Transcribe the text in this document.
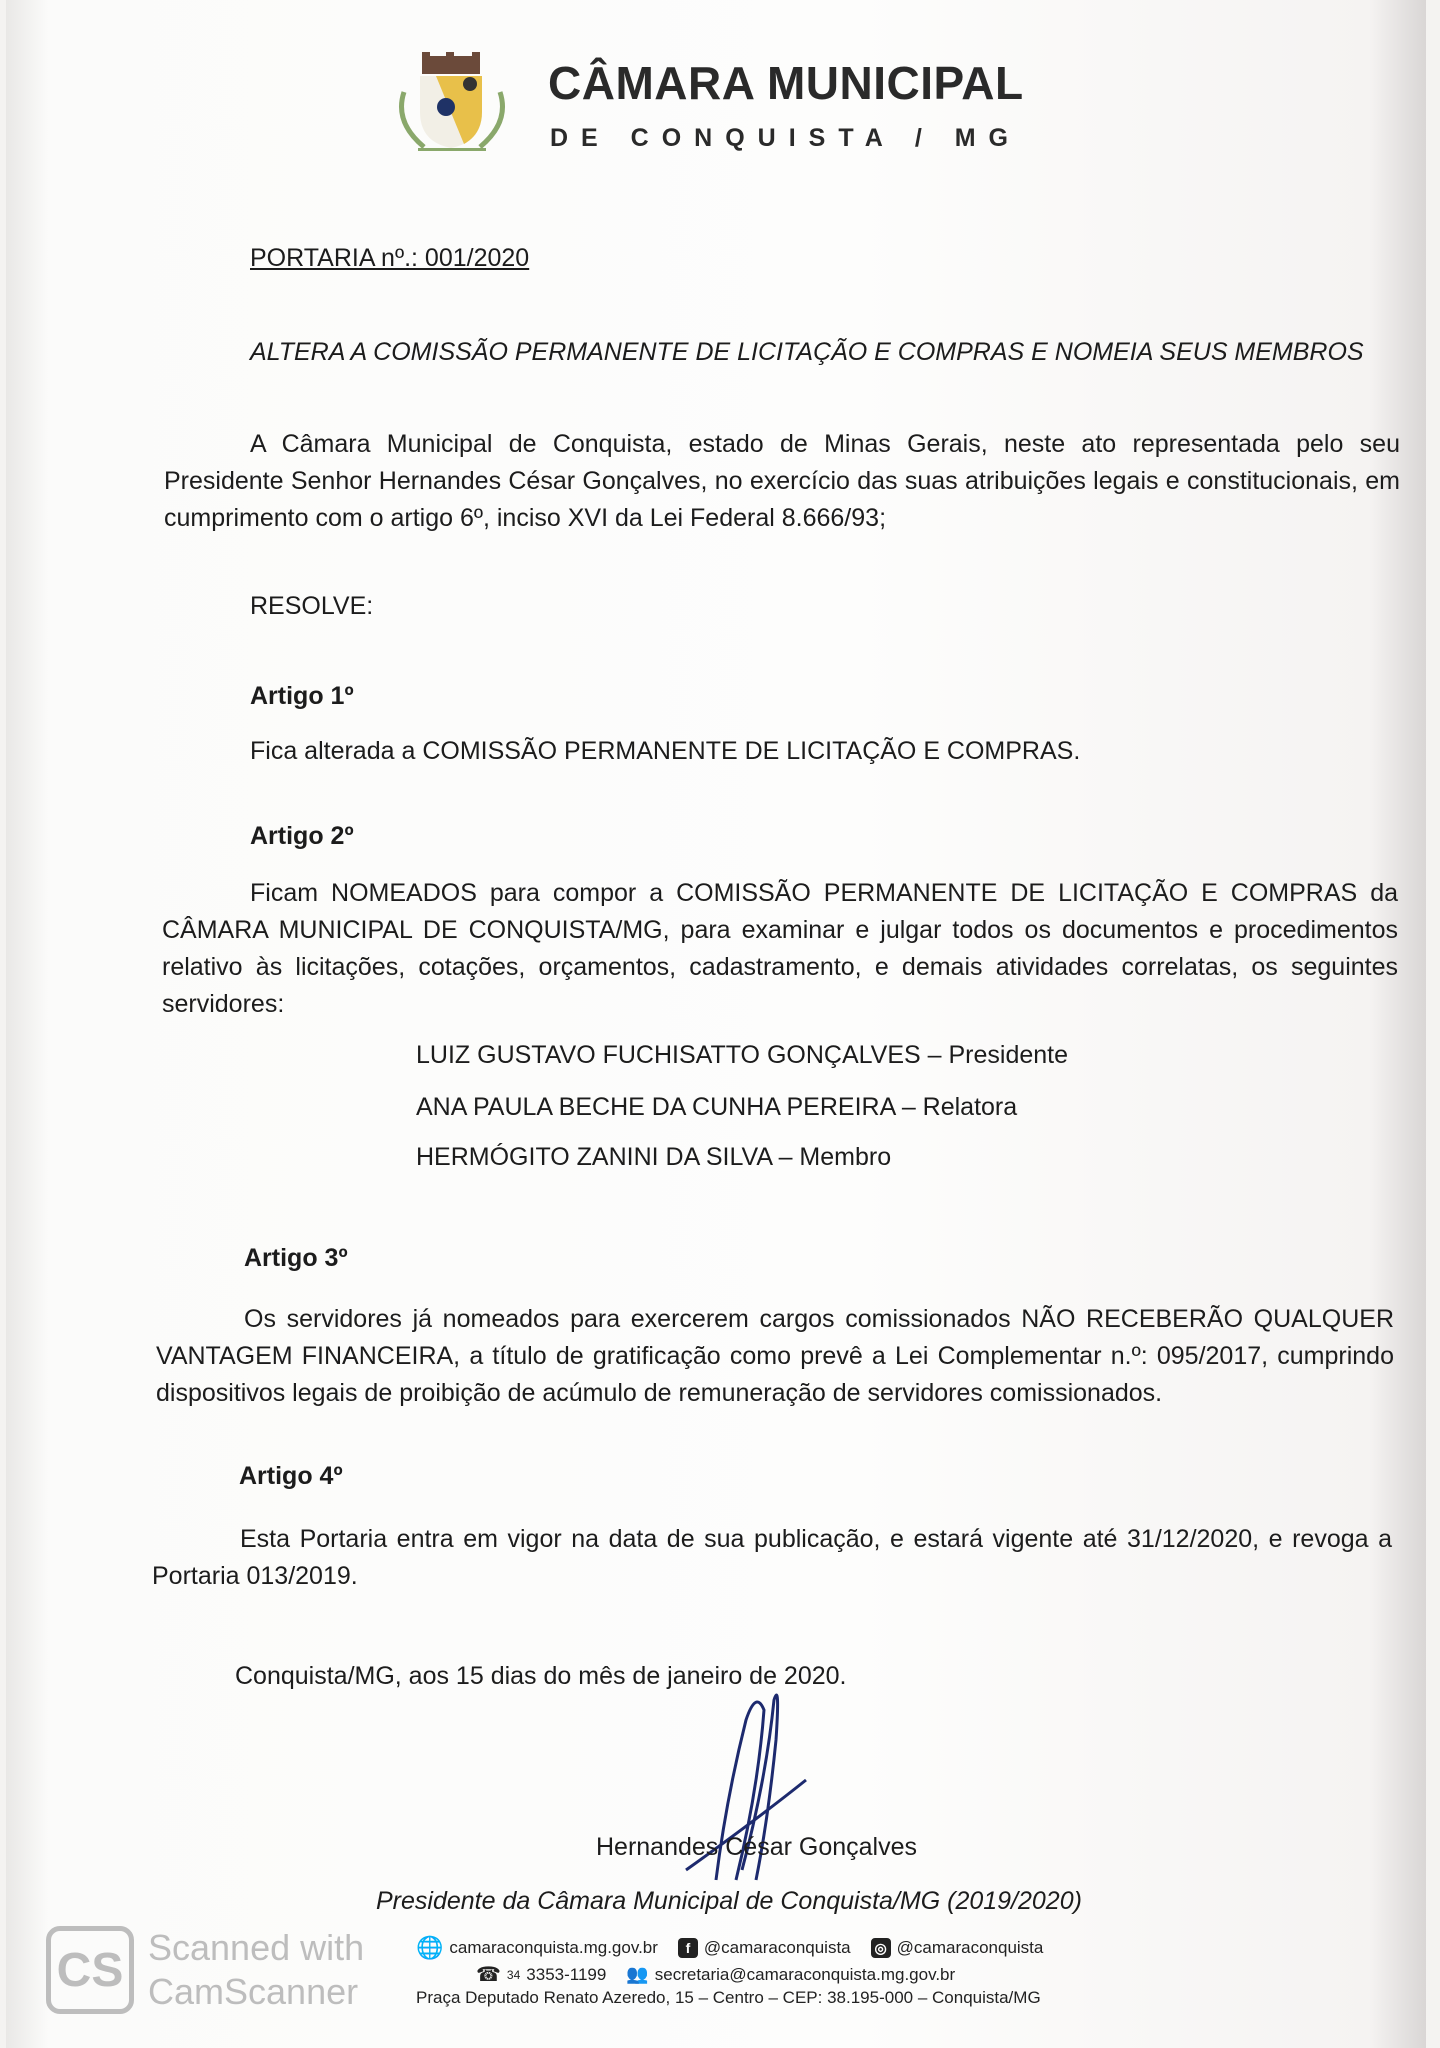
CÂMARA MUNICIPAL
DE CONQUISTA / MG
PORTARIA nº.: 001/2020
ALTERA A COMISSÃO PERMANENTE DE LICITAÇÃO E COMPRAS E NOMEIA SEUS MEMBROS
A Câmara Municipal de Conquista, estado de Minas Gerais, neste ato representada pelo seu Presidente Senhor Hernandes César Gonçalves, no exercício das suas atribuições legais e constitucionais, em cumprimento com o artigo 6º, inciso XVI da Lei Federal 8.666/93;
RESOLVE:
Artigo 1º
Fica alterada a COMISSÃO PERMANENTE DE LICITAÇÃO E COMPRAS.
Artigo 2º
Ficam NOMEADOS para compor a COMISSÃO PERMANENTE DE LICITAÇÃO E COMPRAS da CÂMARA MUNICIPAL DE CONQUISTA/MG, para examinar e julgar todos os documentos e procedimentos relativo às licitações, cotações, orçamentos, cadastramento, e demais atividades correlatas, os seguintes servidores:
LUIZ GUSTAVO FUCHISATTO GONÇALVES – Presidente
ANA PAULA BECHE DA CUNHA PEREIRA – Relatora
HERMÓGITO ZANINI DA SILVA – Membro
Artigo 3º
Os servidores já nomeados para exercerem cargos comissionados NÃO RECEBERÃO QUALQUER VANTAGEM FINANCEIRA, a título de gratificação como prevê a Lei Complementar n.º: 095/2017, cumprindo dispositivos legais de proibição de acúmulo de remuneração de servidores comissionados.
Artigo 4º
Esta Portaria entra em vigor na data de sua publicação, e estará vigente até 31/12/2020, e revoga a Portaria 013/2019.
Conquista/MG, aos 15 dias do mês de janeiro de 2020.
Hernandes César Gonçalves
Presidente da Câmara Municipal de Conquista/MG (2019/2020)
🌐 camaraconquista.mg.gov.br	f @camaraconquista ◎ @camaraconquista
☎ 34 3353-1199 👥 secretaria@camaraconquista.mg.gov.br
Praça Deputado Renato Azeredo, 15 – Centro – CEP: 38.195-000 – Conquista/MG
CS Scanned with
CamScanner
